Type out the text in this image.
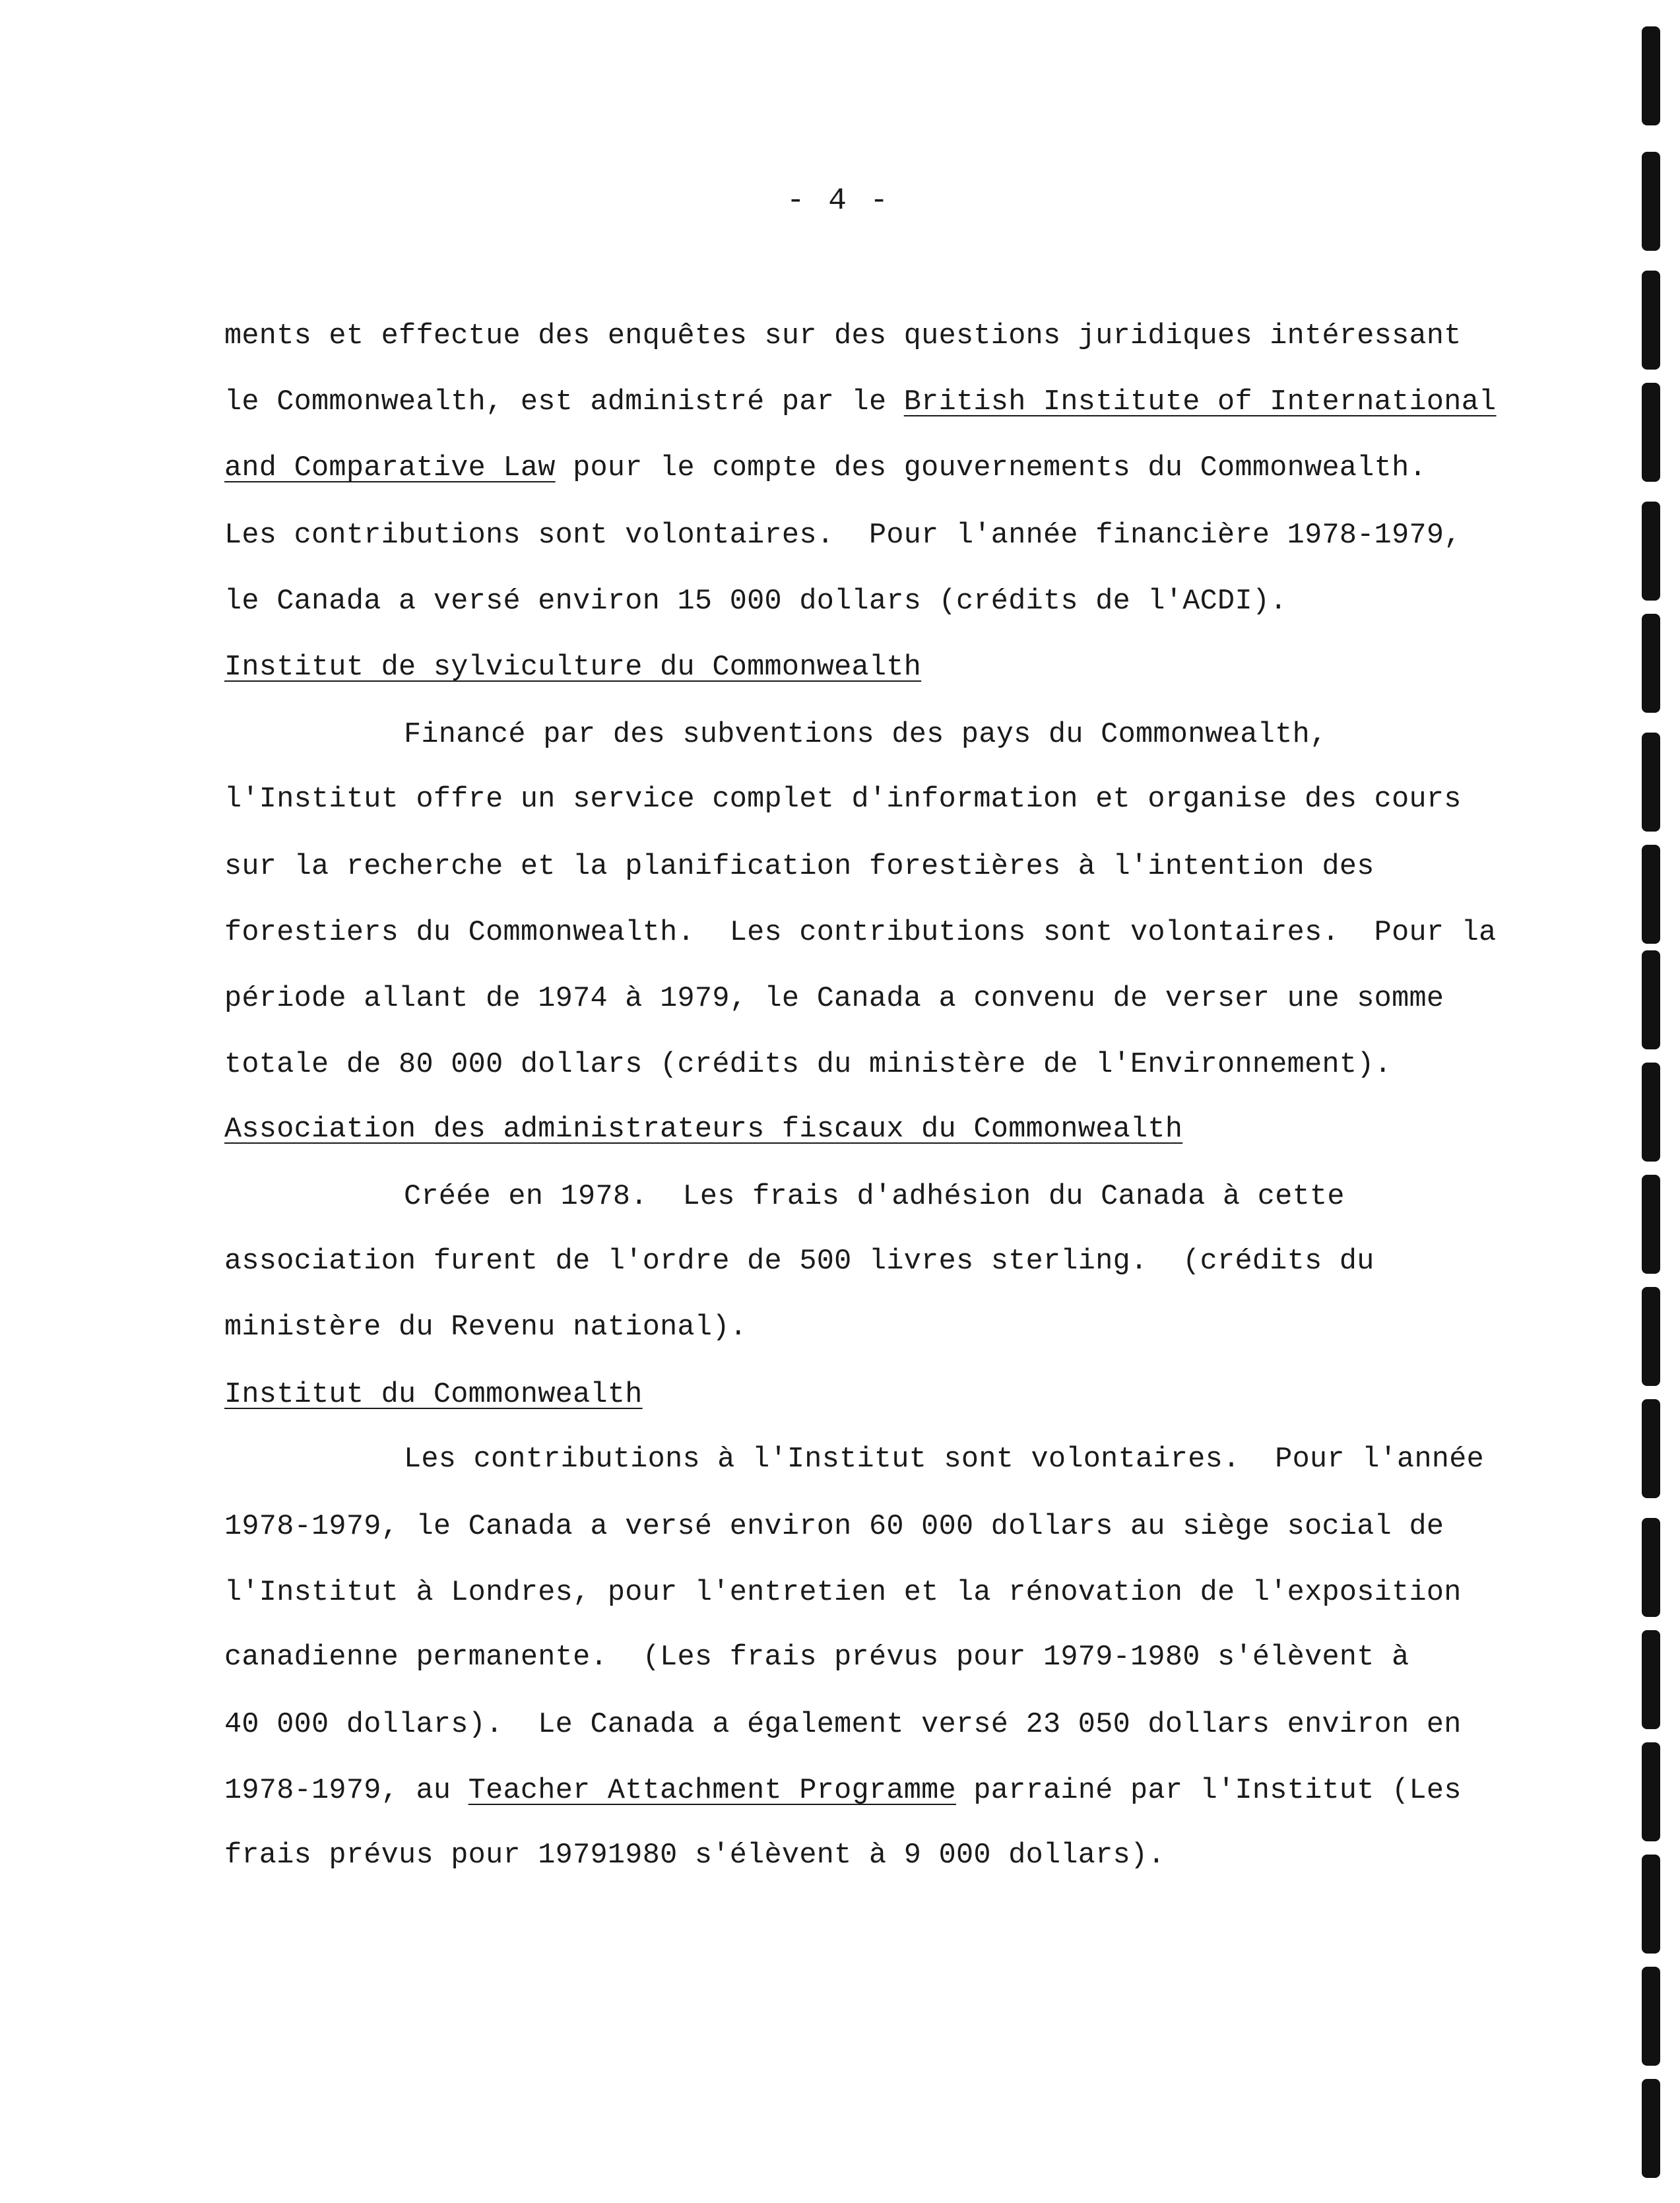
- 4 -
ments et effectue des enquêtes sur des questions juridiques intéressant
le Commonwealth, est administré par le British Institute of International
and Comparative Law pour le compte des gouvernements du Commonwealth.
Les contributions sont volontaires.  Pour l'année financière 1978-1979,
le Canada a versé environ 15 000 dollars (crédits de l'ACDI).
Institut de sylviculture du Commonwealth
Financé par des subventions des pays du Commonwealth,
l'Institut offre un service complet d'information et organise des cours
sur la recherche et la planification forestières à l'intention des
forestiers du Commonwealth.  Les contributions sont volontaires.  Pour la
période allant de 1974 à 1979, le Canada a convenu de verser une somme
totale de 80 000 dollars (crédits du ministère de l'Environnement).
Association des administrateurs fiscaux du Commonwealth
Créée en 1978.  Les frais d'adhésion du Canada à cette
association furent de l'ordre de 500 livres sterling.  (crédits du
ministère du Revenu national).
Institut du Commonwealth
Les contributions à l'Institut sont volontaires.  Pour l'année
1978-1979, le Canada a versé environ 60 000 dollars au siège social de
l'Institut à Londres, pour l'entretien et la rénovation de l'exposition
canadienne permanente.  (Les frais prévus pour 1979-1980 s'élèvent à
40 000 dollars).  Le Canada a également versé 23 050 dollars environ en
1978-1979, au Teacher Attachment Programme parrainé par l'Institut (Les
frais prévus pour 19791980 s'élèvent à 9 000 dollars).
